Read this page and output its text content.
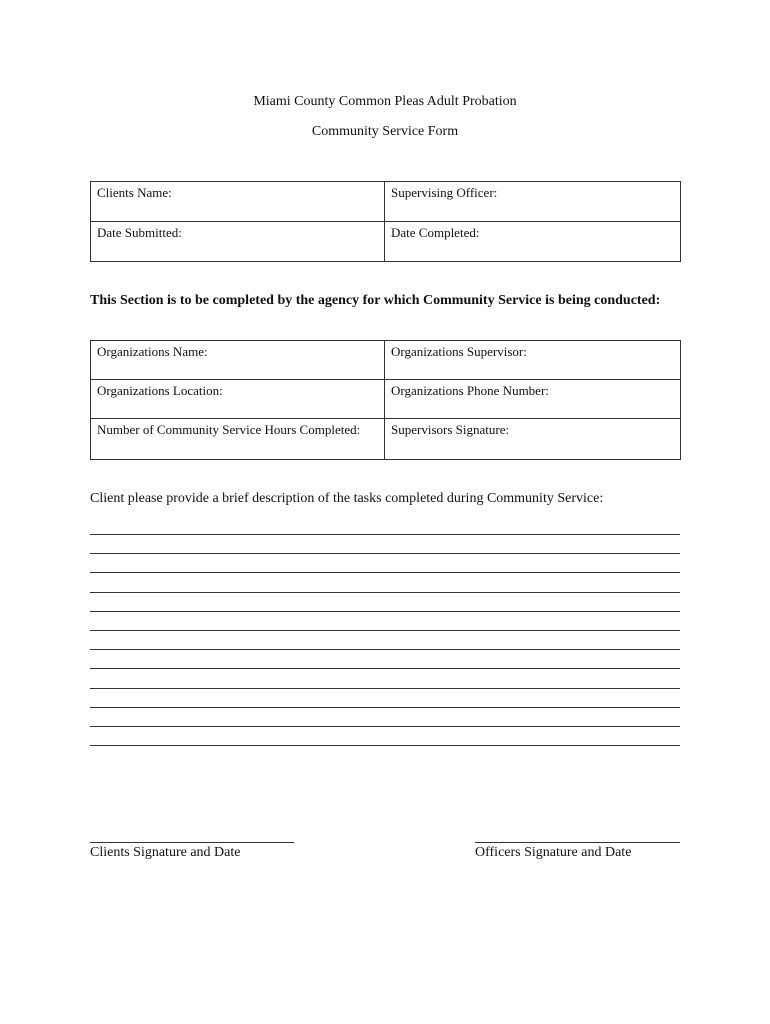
Miami County Common Pleas Adult Probation
Community Service Form
Clients Name:	Supervising Officer:
Date Submitted:	Date Completed:
This Section is to be completed by the agency for which Community Service is being conducted:
Organizations Name:	Organizations Supervisor:
Organizations Location:	Organizations Phone Number:
Number of Community Service Hours Completed:	Supervisors Signature:
Client please provide a brief description of the tasks completed during Community Service:
Clients Signature and Date	Officers Signature and Date
